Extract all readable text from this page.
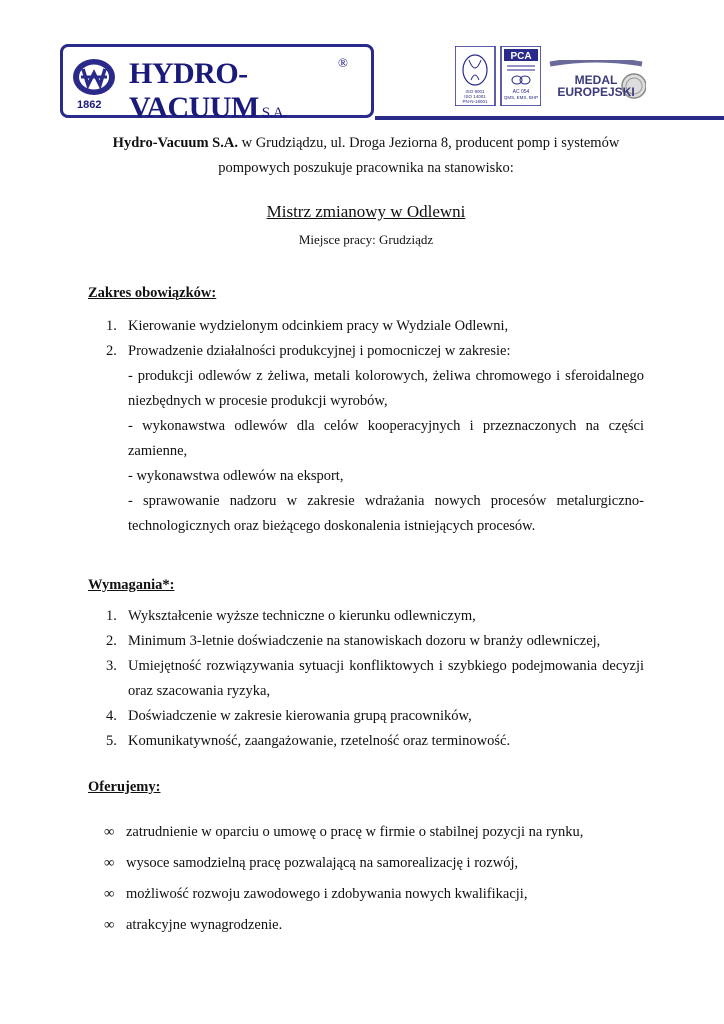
HYDRO-VACUUM S.A.
®
1862
ISO 9001
ISO 14001
PN-N-18001
PCA
AC 054
QMS, EMS, BHP
MEDAL
EUROPEJSKI
Hydro-Vacuum S.A. w Grudziądzu, ul. Droga Jeziorna 8, producent pomp i systemów pompowych poszukuje pracownika na stanowisko:
Mistrz zmianowy w Odlewni
Miejsce pracy: Grudziądz
Zakres obowiązków:
1. Kierowanie wydzielonym odcinkiem pracy w Wydziale Odlewni,
2. Prowadzenie działalności produkcyjnej i pomocniczej w zakresie:
- produkcji odlewów z żeliwa, metali kolorowych, żeliwa chromowego i sferoidalnego niezbędnych w procesie produkcji wyrobów,
- wykonawstwa odlewów dla celów kooperacyjnych i przeznaczonych na części zamienne,
- wykonawstwa odlewów na eksport,
- sprawowanie nadzoru w zakresie wdrażania nowych procesów metalurgiczno-technologicznych oraz bieżącego doskonalenia istniejących procesów.
Wymagania*:
1. Wykształcenie wyższe techniczne o kierunku odlewniczym,
2. Minimum 3-letnie doświadczenie na stanowiskach dozoru w branży odlewniczej,
3. Umiejętność rozwiązywania sytuacji konfliktowych i szybkiego podejmowania decyzji oraz szacowania ryzyka,
4. Doświadczenie w zakresie kierowania grupą pracowników,
5. Komunikatywność, zaangażowanie, rzetelność oraz terminowość.
Oferujemy:
∞ zatrudnienie w oparciu o umowę o pracę w firmie o stabilnej pozycji na rynku,
∞ wysoce samodzielną pracę pozwalającą na samorealizację i rozwój,
∞ możliwość rozwoju zawodowego i zdobywania nowych kwalifikacji,
∞ atrakcyjne wynagrodzenie.
